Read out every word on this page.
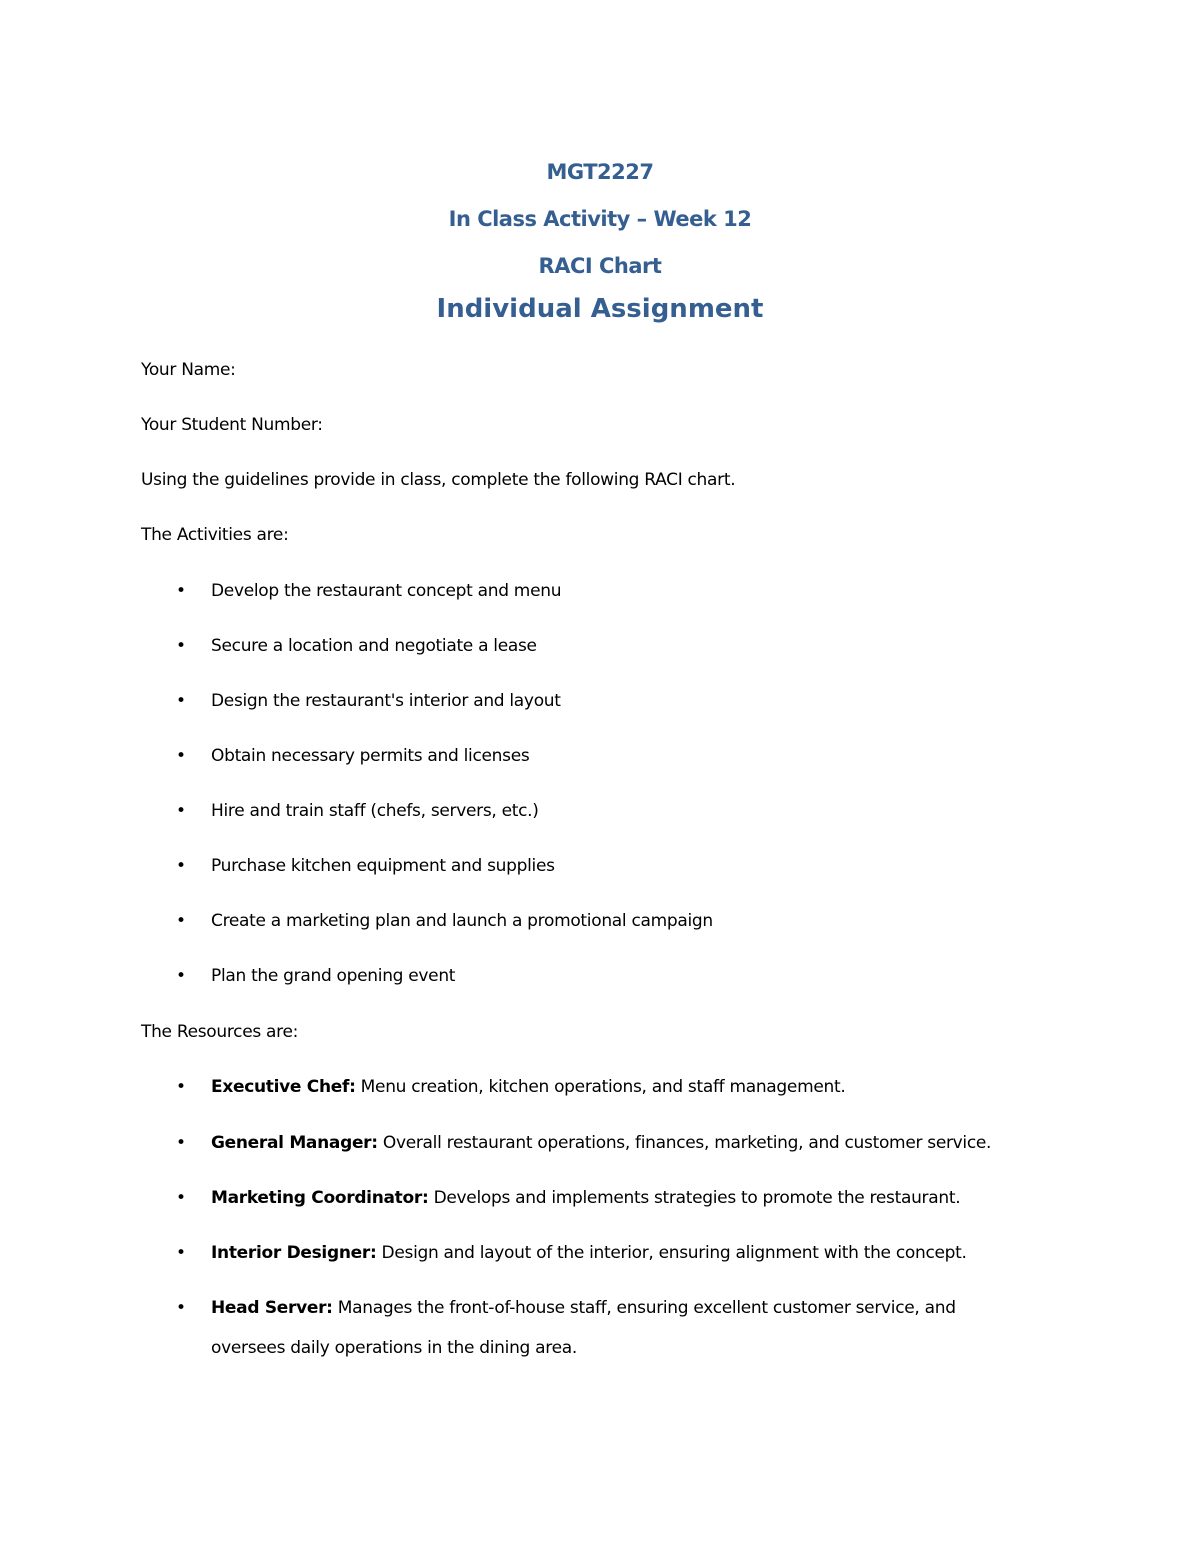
MGT2227
In Class Activity – Week 12
RACI Chart
Individual Assignment
Your Name:
Your Student Number:
Using the guidelines provide in class, complete the following RACI chart.
The Activities are:
• Develop the restaurant concept and menu
• Secure a location and negotiate a lease
• Design the restaurant's interior and layout
• Obtain necessary permits and licenses
• Hire and train staff (chefs, servers, etc.)
• Purchase kitchen equipment and supplies
• Create a marketing plan and launch a promotional campaign
• Plan the grand opening event
The Resources are:
• Executive Chef: Menu creation, kitchen operations, and staff management.
• General Manager: Overall restaurant operations, finances, marketing, and customer service.
• Marketing Coordinator: Develops and implements strategies to promote the restaurant.
• Interior Designer: Design and layout of the interior, ensuring alignment with the concept.
• Head Server: Manages the front-of-house staff, ensuring excellent customer service, and oversees daily operations in the dining area.
